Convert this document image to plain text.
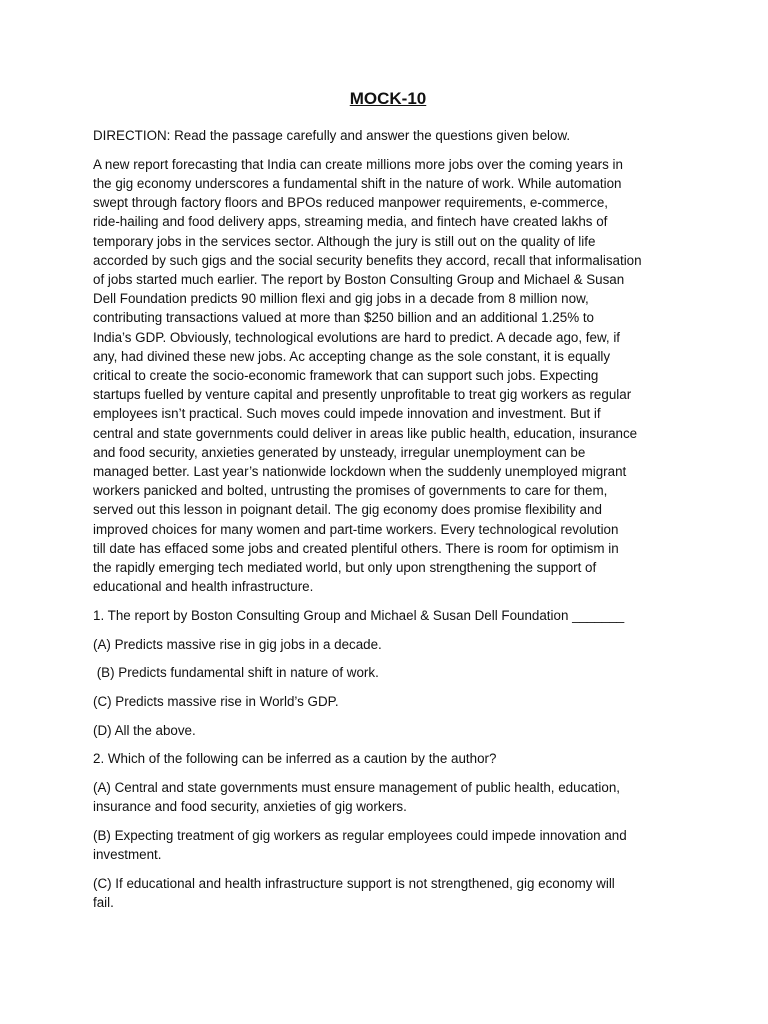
MOCK-10
DIRECTION: Read the passage carefully and answer the questions given below.
A new report forecasting that India can create millions more jobs over the coming years in
the gig economy underscores a fundamental shift in the nature of work. While automation
swept through factory floors and BPOs reduced manpower requirements, e-commerce,
ride-hailing and food delivery apps, streaming media, and fintech have created lakhs of
temporary jobs in the services sector. Although the jury is still out on the quality of life
accorded by such gigs and the social security benefits they accord, recall that informalisation
of jobs started much earlier. The report by Boston Consulting Group and Michael & Susan
Dell Foundation predicts 90 million flexi and gig jobs in a decade from 8 million now,
contributing transactions valued at more than $250 billion and an additional 1.25% to
India’s GDP. Obviously, technological evolutions are hard to predict. A decade ago, few, if
any, had divined these new jobs. Ac accepting change as the sole constant, it is equally
critical to create the socio-economic framework that can support such jobs. Expecting
startups fuelled by venture capital and presently unprofitable to treat gig workers as regular
employees isn’t practical. Such moves could impede innovation and investment. But if
central and state governments could deliver in areas like public health, education, insurance
and food security, anxieties generated by unsteady, irregular unemployment can be
managed better. Last year’s nationwide lockdown when the suddenly unemployed migrant
workers panicked and bolted, untrusting the promises of governments to care for them,
served out this lesson in poignant detail. The gig economy does promise flexibility and
improved choices for many women and part-time workers. Every technological revolution
till date has effaced some jobs and created plentiful others. There is room for optimism in
the rapidly emerging tech mediated world, but only upon strengthening the support of
educational and health infrastructure.
1. The report by Boston Consulting Group and Michael & Susan Dell Foundation _______
(A) Predicts massive rise in gig jobs in a decade.
(B) Predicts fundamental shift in nature of work.
(C) Predicts massive rise in World’s GDP.
(D) All the above.
2. Which of the following can be inferred as a caution by the author?
(A) Central and state governments must ensure management of public health, education,
insurance and food security, anxieties of gig workers.
(B) Expecting treatment of gig workers as regular employees could impede innovation and
investment.
(C) If educational and health infrastructure support is not strengthened, gig economy will
fail.
